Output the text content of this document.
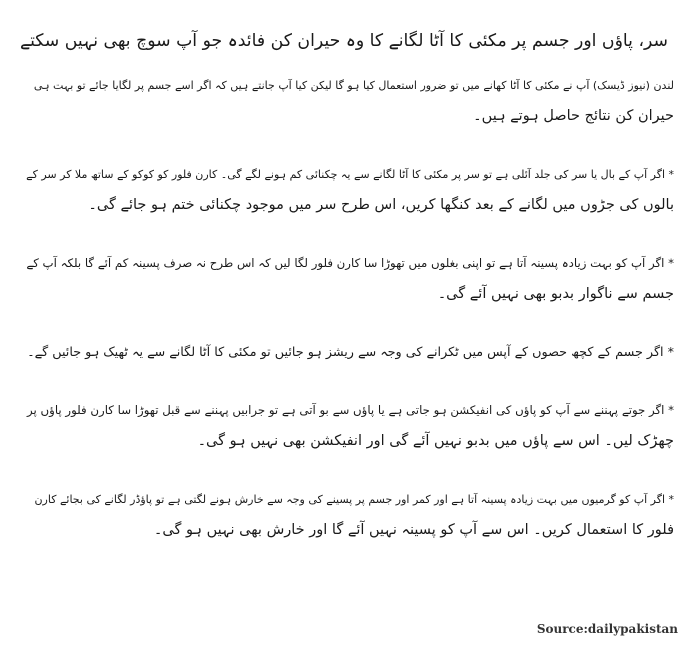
سر، پاؤں اور جسم پر مکئی کا آٹا لگانے کا وہ حیران کن فائدہ جو آپ سوچ بھی نہیں سکتے
لندن (نیوز ڈیسک) آپ نے مکئی کا آٹا کھانے میں تو ضرور استعمال کیا ہو گا لیکن کیا آپ جانتے ہیں کہ اگر اسے جسم پر لگایا جائے تو بہت ہی
حیران کن نتائج حاصل ہوتے ہیں۔
* اگر آپ کے بال یا سر کی جلد آئلی ہے تو سر پر مکئی کا آٹا لگانے سے یہ چکنائی کم ہونے لگے گی۔ کارن فلور کو کوکو کے ساتھ ملا کر سر کے
بالوں کی جڑوں میں لگانے کے بعد کنگھا کریں، اس طرح سر میں موجود چکنائی ختم ہو جائے گی۔
* اگر آپ کو بہت زیادہ پسینہ آتا ہے تو اپنی بغلوں میں تھوڑا سا کارن فلور لگا لیں کہ اس طرح نہ صرف پسینہ کم آئے گا بلکہ آپ کے
جسم سے ناگوار بدبو بھی نہیں آئے گی۔
* اگر جسم کے کچھ حصوں کے آپس میں ٹکرانے کی وجہ سے ریشز ہو جائیں تو مکئی کا آٹا لگانے سے یہ ٹھیک ہو جائیں گے۔
* اگر جوتے پہننے سے آپ کو پاؤں کی انفیکشن ہو جاتی ہے یا پاؤں سے بو آتی ہے تو جرابیں پہننے سے قبل تھوڑا سا کارن فلور پاؤں پر
چھڑک لیں۔ اس سے پاؤں میں بدبو نہیں آئے گی اور انفیکشن بھی نہیں ہو گی۔
* اگر آپ کو گرمیوں میں بہت زیادہ پسینہ آتا ہے اور کمر اور جسم پر پسینے کی وجہ سے خارش ہونے لگتی ہے تو پاؤڈر لگانے کی بجائے کارن
فلور کا استعمال کریں۔ اس سے آپ کو پسینہ نہیں آئے گا اور خارش بھی نہیں ہو گی۔
Source:dailypakistan
